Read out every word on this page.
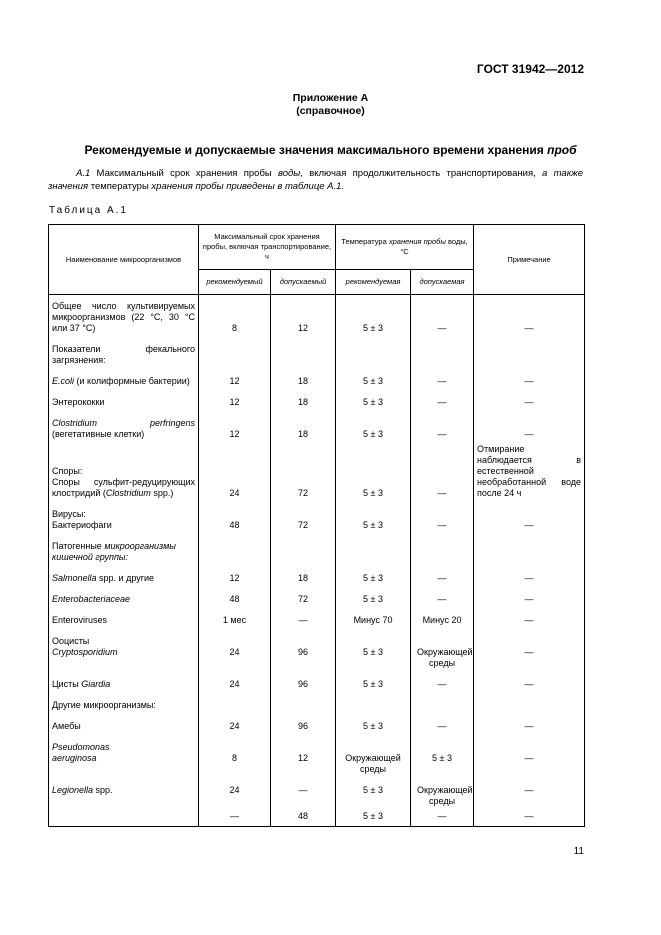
ГОСТ 31942—2012
Приложение А
(справочное)
Рекомендуемые и допускаемые значения максимального времени хранения проб
А.1 Максимальный срок хранения пробы воды, включая продолжительность транспортирования, а также значения температуры хранения пробы приведены в таблице А.1.
Таблица А.1
Наименование микроорганизмов	Максимальный срок хранения пробы, включая транспортирование, ч		Температура хранения пробы воды, °С		Примечание
	рекомендуемый	допускаемый	рекомендуемая	допускаемая	

Общее число культивируемых микроорганизмов (22 °С, 30 °С или 37 °С)	8	12	5 ± 3	—	—
Показатели фекального загрязнения:					
E.coli (и колиформные бактерии)	12	18	5 ± 3	—	—
Энтерококки	12	18	5 ± 3	—	—
Clostridium perfringens (вегетативные клетки)	12	18	5 ± 3	—	—

Споры:
Споры сульфит-редуцирующих клостридий (Clostridium spp.)	24	72	5 ± 3	—	Отмирание наблюдается в естественной необработанной воде после 24 ч

Вирусы:
Бактериофаги	48	72	5 ± 3	—	—
Патогенные микроорганизмы кишечной группы:					
Salmonella spp. и другие	12	18	5 ± 3	—	—
Enterobacteriaceae	48	72	5 ± 3	—	—
Enteroviruses	1 мес	—	Минус 70	Минус 20	—

Ооцисты
Cryptosporidium	24	96	5 ± 3	Окружающей среды	—
Цисты Giardia	24	96	5 ± 3	—	—
Другие микроорганизмы:					
Амебы	24	96	5 ± 3	—	—

Pseudomonas
aeruginosa	8	12	Окружающей среды	5 ± 3	—
Legionella spp.	24	—	5 ± 3	Окружающей среды	—
	—	48	5 ± 3	—	—
11
